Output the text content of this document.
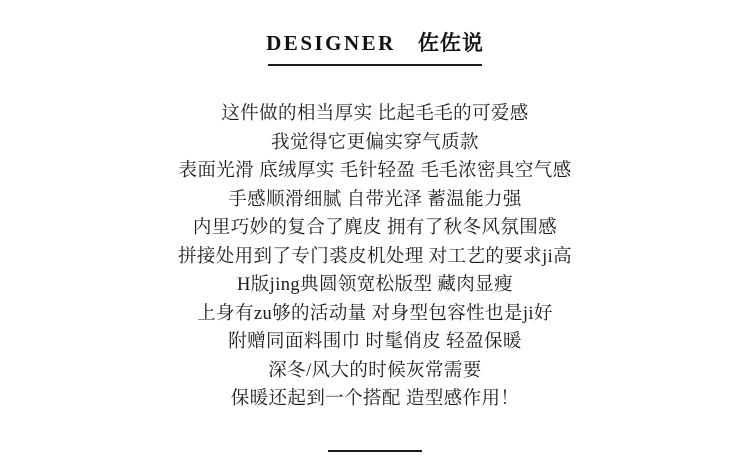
DESIGNER 佐佐说
这件做的相当厚实 比起毛毛的可爱感
我觉得它更偏实穿气质款
表面光滑 底绒厚实 毛针轻盈 毛毛浓密具空气感
手感顺滑细腻 自带光泽 蓄温能力强
内里巧妙的复合了麂皮 拥有了秋冬风氛围感
拼接处用到了专门裘皮机处理 对工艺的要求ji高
H版jing典圆领宽松版型 藏肉显瘦
上身有zu够的活动量 对身型包容性也是ji好
附赠同面料围巾 时髦俏皮 轻盈保暖
深冬/风大的时候灰常需要
保暖还起到一个搭配 造型感作用！
